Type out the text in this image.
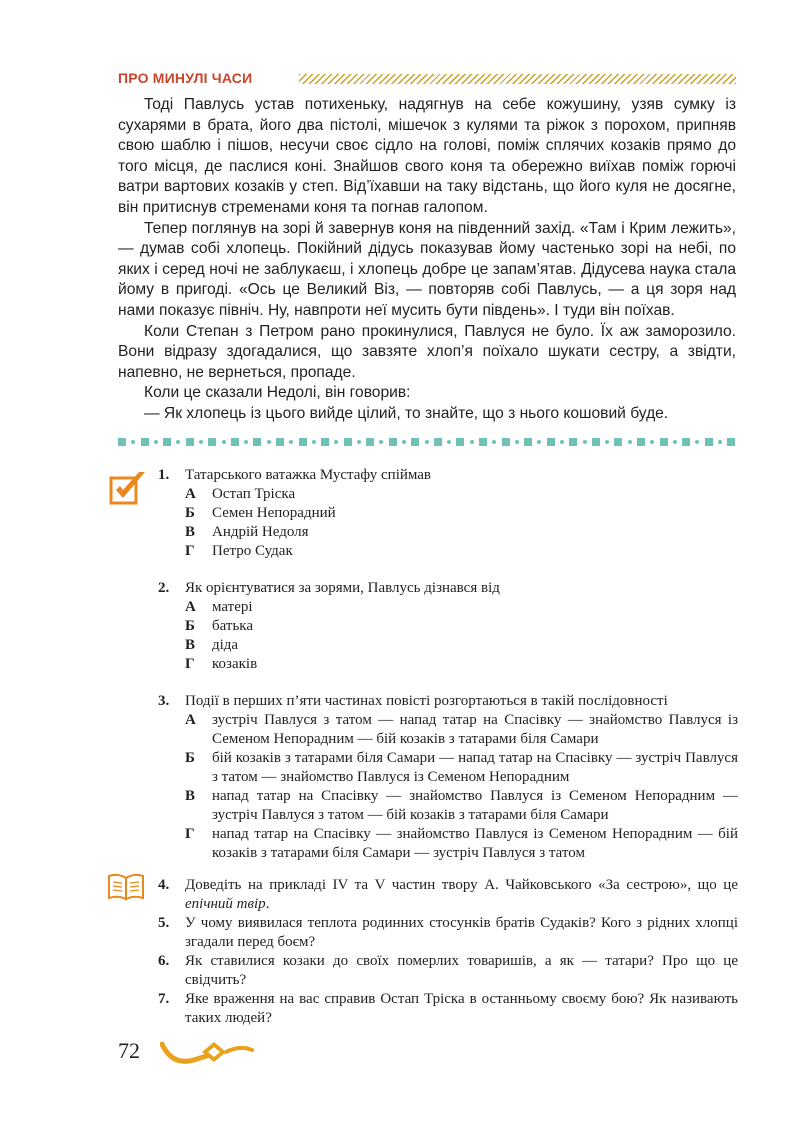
ПРО МИНУЛІ ЧАСИ

Тоді Павлусь устав потихеньку, надягнув на себе кожушину, узяв сумку із сухарями в брата, його два пістолі, мішечок з кулями та ріжок з порохом, припняв свою шаблю і пішов, несучи своє сідло на голові, поміж сплячих козаків прямо до того місця, де паслися коні. Знайшов свого коня та обережно виїхав поміж горючі ватри вартових козаків у степ. Від’їхавши на таку відстань, що його куля не досягне, він притиснув стременами коня та погнав галопом.

Тепер поглянув на зорі й завернув коня на південний захід. «Там і Крим лежить», — думав собі хлопець. Покійний дідусь показував йому частенько зорі на небі, по яких і серед ночі не заблукаєш, і хлопець добре це запам’ятав. Дідусева наука стала йому в пригоді. «Ось це Великий Віз, — повторяв собі Павлусь, — а ця зоря над нами показує північ. Ну, навпроти неї мусить бути південь». І туди він поїхав.

Коли Степан з Петром рано прокинулися, Павлуся не було. Їх аж заморозило. Вони відразу здогадалися, що завзяте хлоп’я поїхало шукати сестру, а звідти, напевно, не вернеться, пропаде.

Коли це сказали Недолі, він говорив:

— Як хлопець із цього вийде цілий, то знайте, що з нього кошовий буде.

1. Татарського ватажка Мустафу спіймав
А	Остап Тріска
Б	Семен Непорадний
В	Андрій Недоля
Г	Петро Судак
2. Як орієнтуватися за зорями, Павлусь дізнався від
А	матері
Б	батька
В	діда
Г	козаків
3. Події в перших п’яти частинах повісті розгортаються в такій послідовності
А	зустріч Павлуся з татом — напад татар на Спасівку — знайомство Павлуся із Семеном Непорадним — бій козаків з татарами біля Самари
Б	бій козаків з татарами біля Самари — напад татар на Спасівку — зустріч Павлуся з татом — знайомство Павлуся із Семеном Непорадним
В	напад татар на Спасівку — знайомство Павлуся із Семеном Непорадним — зустріч Павлуся з татом — бій козаків з татарами біля Самари
Г	напад татар на Спасівку — знайомство Павлуся із Семеном Непорадним — бій козаків з татарами біля Самари — зустріч Павлуся з татом
4. Доведіть на прикладі IV та V частин твору А. Чайковського «За сестрою», що це епічний твір.
5. У чому виявилася теплота родинних стосунків братів Судаків? Кого з рідних хлопці згадали перед боєм?
6. Як ставилися козаки до своїх померлих товаришів, а як — татари? Про що це свідчить?
7. Яке враження на вас справив Остап Тріска в останньому своєму бою? Як називають таких людей?
72
